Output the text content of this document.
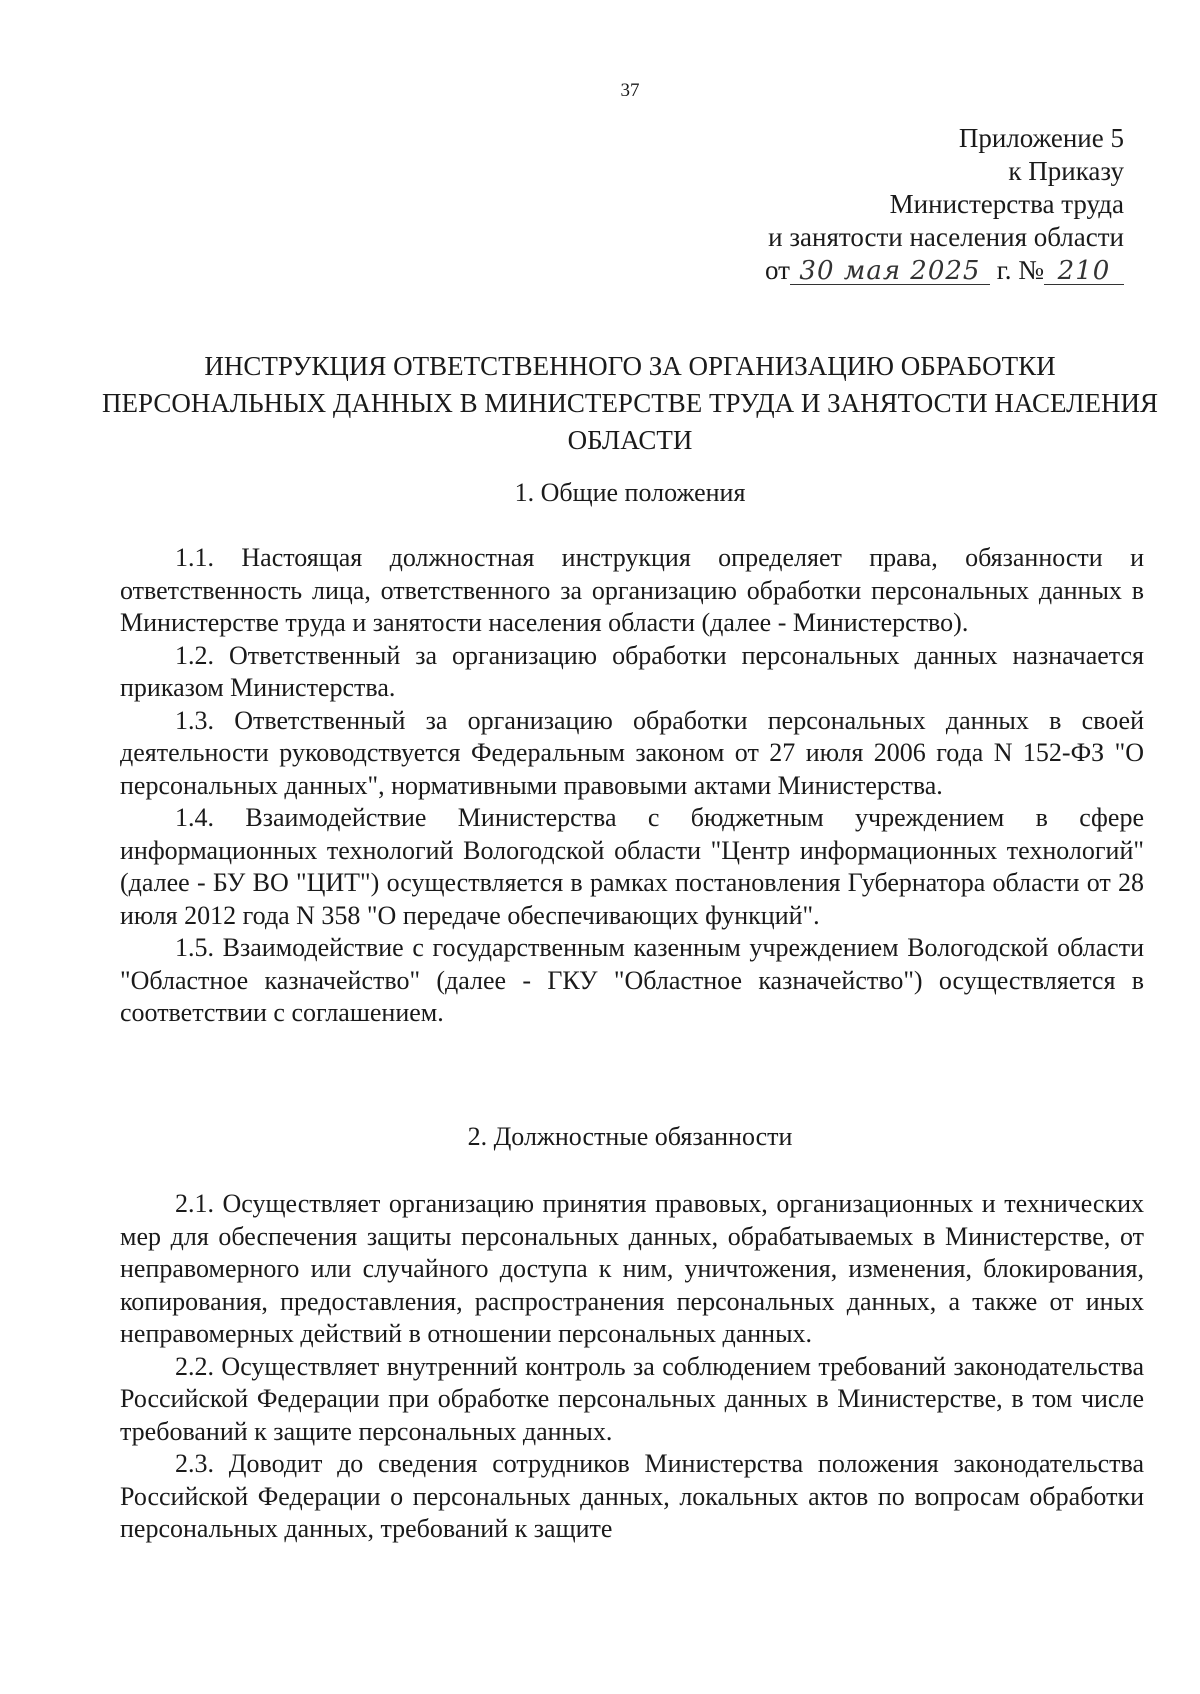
37
Приложение 5
к Приказу
Министерства труда
и занятости населения области
от 30 мая 2025 г. № 210
ИНСТРУКЦИЯ ОТВЕТСТВЕННОГО ЗА ОРГАНИЗАЦИЮ ОБРАБОТКИ ПЕРСОНАЛЬНЫХ ДАННЫХ В МИНИСТЕРСТВЕ ТРУДА И ЗАНЯТОСТИ НАСЕЛЕНИЯ ОБЛАСТИ
1. Общие положения

1.1. Настоящая должностная инструкция определяет права, обязанности и ответственность лица, ответственного за организацию обработки персональных данных в Министерстве труда и занятости населения области (далее - Министерство).

1.2. Ответственный за организацию обработки персональных данных назначается приказом Министерства.

1.3. Ответственный за организацию обработки персональных данных в своей деятельности руководствуется Федеральным законом от 27 июля 2006 года N 152-ФЗ "О персональных данных", нормативными правовыми актами Министерства.

1.4. Взаимодействие Министерства с бюджетным учреждением в сфере информационных технологий Вологодской области "Центр информационных технологий" (далее - БУ ВО "ЦИТ") осуществляется в рамках постановления Губернатора области от 28 июля 2012 года N 358 "О передаче обеспечивающих функций".

1.5. Взаимодействие с государственным казенным учреждением Вологодской области "Областное казначейство" (далее - ГКУ "Областное казначейство") осуществляется в соответствии с соглашением.

2. Должностные обязанности

2.1. Осуществляет организацию принятия правовых, организационных и технических мер для обеспечения защиты персональных данных, обрабатываемых в Министерстве, от неправомерного или случайного доступа к ним, уничтожения, изменения, блокирования, копирования, предоставления, распространения персональных данных, а также от иных неправомерных действий в отношении персональных данных.

2.2. Осуществляет внутренний контроль за соблюдением требований законодательства Российской Федерации при обработке персональных данных в Министерстве, в том числе требований к защите персональных данных.

2.3. Доводит до сведения сотрудников Министерства положения законодательства Российской Федерации о персональных данных, локальных актов по вопросам обработки персональных данных, требований к защите
